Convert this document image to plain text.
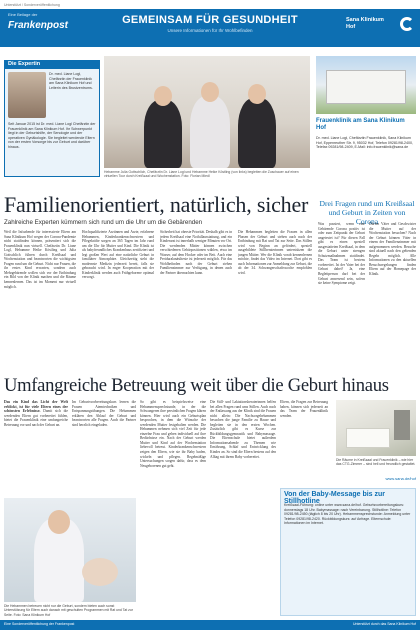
Unterstützt / Sonderveröffentlichung
Eine Beilage der
Frankenpost	GEMEINSAM FÜR GESUNDHEIT
Unsere Informationen für Ihr Wohlbefinden
Sana Klinikum
Hof
Die Expertin
Dr. med. Liane Logl, Chefärztin der Frauenklinik am Sana Klinikum Hof und Leiterin des Brustzentrums.
Seit Januar 2015 ist Dr. med. Liane Logl Chefärztin der Frauenklinik am Sana Klinikum Hof. Ihr Schwerpunkt liegt in der Geburtshilfe, der Senologie und der operativen Gynäkologie. Sie begleitet werdende Eltern von der ersten Vorsorge bis zur Geburt und darüber hinaus.
Hebamme Julia Gottschlich, Chefärztin Dr. Liane Logl und Hebamme Heike Köstling (von links) begleiten die Zuschauer auf einen virtuellen Tour durch Kreißsaal und Wochenstation. Foto: Florian Miedl
Frauenklinik am Sana Klinikum Hof
Dr. med. Liane Logl, Chefärztin Frauenklinik, Sana Klinikum Hof, Eppenreuther Str. 9, 95032 Hof, Telefon 09281/98-2400, Telefax 09281/98-2409, E-Mail: info.frauenklinik@sana.de
Familienorientiert, natürlich, sicher
Zahlreiche Experten kümmern sich rund um die Uhr um die Gebärenden
Weil die Infoabende für interessierte Eltern am Sana Klinikum Hof wegen der Corona-Pandemie nicht stattfinden können, präsentiert sich die Frauenklinik nun virtuell. Chefärztin Dr. Liane Logl, Hebamme Heike Köstling und Julia Gottschlich führen durch Kreißsaal und Wochenstation und beantworten die wichtigsten Fragen rund um die Geburt. Nicht nur Frauen, die ihr erstes Kind erwarten, sondern auch Mehrgebärende wollen sich vor der Entbindung ein Bild von der Klinik machen und die Räume kennenlernen. Das ist im Moment nur virtuell möglich.
Hochqualifizierte Ärztinnen und Ärzte, erfahrene Hebammen, Kinderkrankenschwestern und Pflegekräfte sorgen an 365 Tagen im Jahr rund um die Uhr für Mutter und Kind. Die Klinik ist als babyfreundliches Krankenhaus zertifiziert und legt großen Wert auf eine natürliche Geburt in familiärer Atmosphäre. Gleichzeitig steht die modernste Medizin jederzeit bereit, falls sie gebraucht wird. In enger Kooperation mit der Kinderklinik werden auch Frühgeborene optimal versorgt.
Sicherheit hat oberste Priorität. Deshalb gibt es in jedem Kreißsaal eine Notfallausstattung, und ein Kinderarzt ist innerhalb weniger Minuten vor Ort. Die werdenden Mütter können zwischen verschiedenen Gebärpositionen wählen, etwa im Wasser, auf dem Hocker oder im Bett. Auch eine Periduralanästhesie ist jederzeit möglich. Für das Wohlbefinden nach der Geburt stehen Familienzimmer zur Verfügung, in denen auch der Partner übernachten kann.
Die Hebammen begleiten die Frauen in allen Phasen der Geburt und stehen auch nach der Entbindung mit Rat und Tat zur Seite. Das Stillen wird von Beginn an gefördert, speziell ausgebildete Stillberaterinnen unterstützen die jungen Mütter. Wer die Klinik vorab kennenlernen möchte, findet das Video im Internet. Dort gibt es auch Informationen zur Anmeldung zur Geburt, die ab der 34. Schwangerschaftswoche empfohlen wird.
Drei Fragen rund um Kreißsaal und Geburt in Zeiten von Corona
Was passiert, wenn eine Gebärende Corona positiv ist oder zum Zeitpunkt der Geburt ungetestet ist? Für diesen Fall gibt es einen speziell ausgestatteten Kreißsaal, in dem die Geburt unter strengen Schutzmaßnahmen stattfindet. Das Team ist bestens vorbereitet. Ist der Vater bei der Geburt dabei? Ja, eine Begleitperson darf bei der Geburt anwesend sein, sofern sie keine Symptome zeigt.
Dürfen Väter und Geschwister die Mutter auf der Wochenstation besuchen? Nach der Geburt können Väter in einem der Familienzimmer mit aufgenommen werden. Besuche sind aktuell nach den geltenden Regeln möglich. Alle Informationen zu den aktuellen Besuchsregelungen finden Eltern auf der Homepage der Klinik.
Umfangreiche Betreuung weit über die Geburt hinaus
Das ein Kind das Licht der Welt erblickt, ist für viele Eltern eines der schönsten Erlebnisse. Damit sich die werdenden Eltern gut vorbereitet fühlen, bietet die Frauenklinik eine umfangreiche Betreuung vor und nach der Geburt an.
Im Geburtsvorbereitungskurs lernen die Frauen Atemtechniken und Entspannungsübungen. Die Hebammen erklären den Ablauf der Geburt und beantworten alle Fragen. Auch die Partner sind herzlich eingeladen.
So gibt es beispielsweise eine Hebammensprechstunde, in der die Schwangeren ihre persönlichen Fragen klären können. Hier wird auch ein Geburtsplan besprochen, in dem die Wünsche der werdenden Mutter festgehalten werden. Die Hebammen nehmen sich viel Zeit für jede einzelne Frau und gehen individuell auf ihre Bedürfnisse ein. Nach der Geburt werden Mutter und Kind auf der Wochenstation liebevoll betreut. Kinderkrankenschwestern zeigen den Eltern, wie sie ihr Baby baden, wickeln und pflegen. Regelmäßige Untersuchungen sorgen dafür, dass es dem Neugeborenen gut geht.
Die Still- und Laktationsberaterinnen helfen bei allen Fragen rund ums Stillen. Auch nach der Entlassung aus der Klinik sind die Frauen nicht allein: Die Nachsorgehebammen besuchen die junge Familie zu Hause und begleiten sie in den ersten Wochen. Zusätzlich gibt es Kurse zur Rückbildungsgymnastik und Babymassage. Die Elternschule bietet außerdem Informationsabende zu Themen wie Ernährung, Schlaf und Entwicklung des Kindes an. So sind die Eltern bestens auf den Alltag mit ihrem Baby vorbereitet.
Eltern, die Fragen zur Betreuung haben, können sich jederzeit an das Team der Frauenklinik wenden.
Die Hebammen betreuen nicht nur die Geburt, sondern bieten auch sonst Unterstützung für Eltern auch danach mit geschulten Programmen mit Rat und Tat zur Seite. Foto: Sana Klinikum Hof
Die Räume in Kreißsaal und Frauenklinik – wie hier das CTG-Zimmer – sind hell und freundlich gestaltet.
www.sana.de/hof
Von der Baby-Message bis zur Stillhotline
Kreißsaal-Führung: online unter www.sana.de/hof. Geburtsvorbereitungskurs: donnerstags 18 Uhr. Babymassage: nach Vereinbarung. Stillhotline: Telefon 09281/98-2450 (täglich 8 bis 20 Uhr). Hebammensprechstunde: Anmeldung unter Telefon 09281/98-2420. Rückbildungskurs: auf Anfrage. Elternschule: Informationen im Internet.
Eine Sonderveröffentlichung der Frankenpost	Unterstützt durch das Sana Klinikum Hof
